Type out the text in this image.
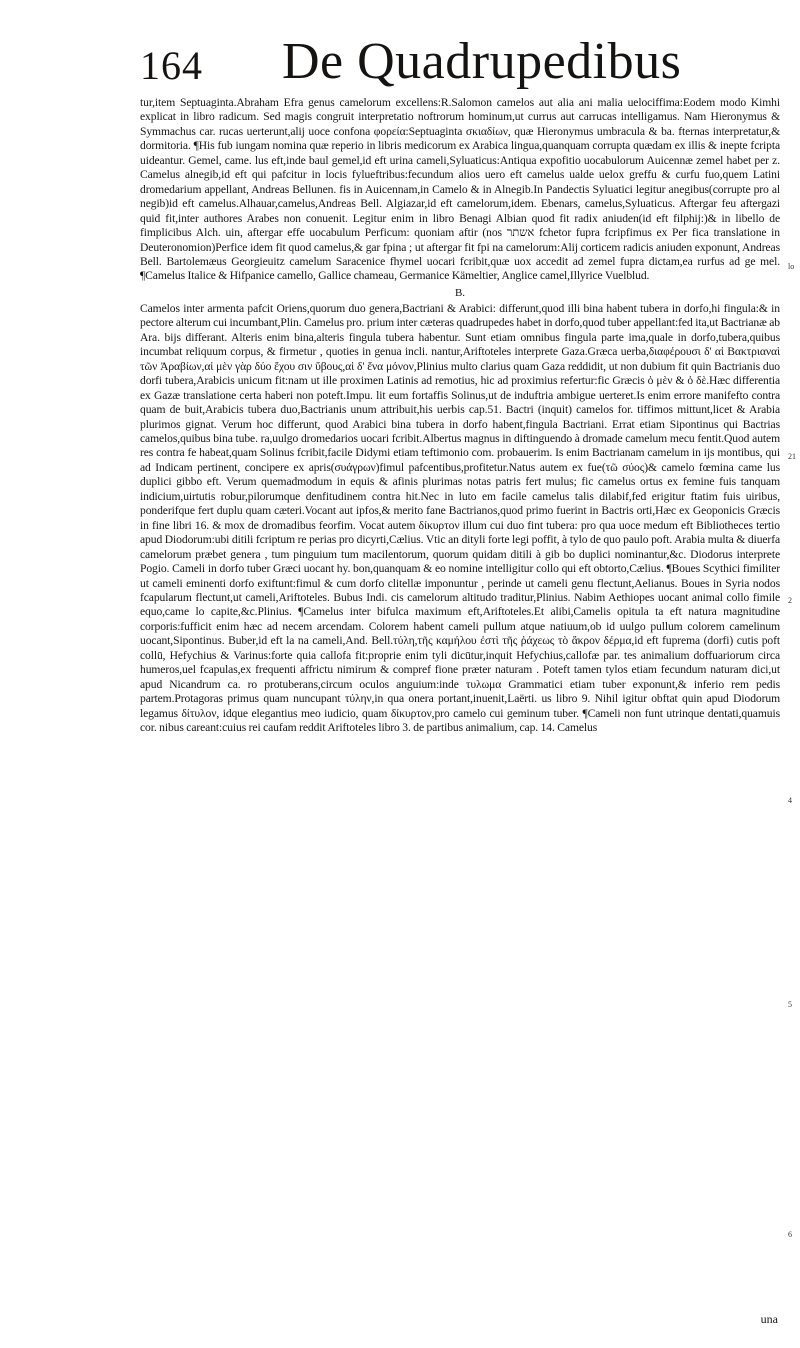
164 De Quadrupedibus

tur,item Septuaginta.Abraham Efra genus camelorum excellens:R.Salomon camelos aut alia ani malia uelociffima:Eodem modo Kimhi explicat in libro radicum. Sed magis congruit interpretatio noftrorum hominum,ut currus aut carrucas intelligamus. Nam Hieronymus & Symmachus car. rucas uerterunt,alij uoce confona φορεία:Septuaginta σκιαδίων, quæ Hieronymus umbracula & ba. fternas interpretatur,& dormitoria. ¶His fub iungam nomina quæ reperio in libris medicorum ex Arabica lingua,quanquam corrupta quædam ex illis & inepte fcripta uideantur. Gemel, came. lus eft,inde baul gemel,id eft urina cameli,Syluaticus:Antiqua expofitio uocabulorum Auicennæ zemel habet per z. Camelus alnegib,id eft qui pafcitur in locis fylueftribus:fecundum alios uero eft camelus ualde uelox greffu & curfu fuo,quem Latini dromedarium appellant, Andreas Bellunen. fis in Auicennam,in Camelo & in Alnegib.In Pandectis Syluatici legitur anegibus(corrupte pro al negib)id eft camelus.Alhauar,camelus,Andreas Bell. Algiazar,id eft camelorum,idem. Ebenars, camelus,Syluaticus. Aftergar feu aftergazi quid fit,inter authores Arabes non conuenit. Legitur enim in libro Benagi Albian quod fit radix aniuden(id eft filphij:)& in libello de fimplicibus Alch. uin, aftergar effe uocabulum Perficum: quoniam aftir (nos אשתר fchetor fupra fcripfimus ex Per fica translatione in Deuteronomion)Perfice idem fit quod camelus,& gar fpina ; ut aftergar fit fpi na camelorum:Alij corticem radicis aniuden exponunt, Andreas Bell. Bartolemæus Georgieuitz camelum Saracenice fhymel uocari fcribit,quæ uox accedit ad zemel fupra dictam,ea rurfus ad ge mel. ¶Camelus Italice & Hifpanice camello, Gallice chameau, Germanice Kämeltier, Anglice camel,Illyrice Vuelblud.

B.

Camelos inter armenta pafcit Oriens,quorum duo genera,Bactriani & Arabici: differunt,quod illi bina habent tubera in dorfo,hi fingula:& in pectore alterum cui incumbant,Plin. Camelus pro. prium inter cæteras quadrupedes habet in dorfo,quod tuber appellant:fed ita,ut Bactrianæ ab Ara. bijs differant. Alteris enim bina,alteris fingula tubera habentur. Sunt etiam omnibus fingula parte ima,quale in dorfo,tubera,quibus incumbat reliquum corpus, & firmetur , quoties in genua incli. nantur,Ariftoteles interprete Gaza.Græca uerba,διαφέρουσι δ' αἱ Βακτριαναὶ τῶν Ἀραβίων,αἱ μὲν γὰρ δύο ἔχου σιν ὕβους,αἱ δ' ἕνα μόνον,Plinius multo clarius quam Gaza reddidit, ut non dubium fit quin Bactrianis duo dorfi tubera,Arabicis unicum fit:nam ut ille proximen Latinis ad remotius, hic ad proximius refertur:fic Græcis ὁ μὲν & ὁ δὲ.Hæc differentia ex Gazæ translatione certa haberi non poteft.Impu. lit eum fortaffis Solinus,ut de induftria ambigue uerteret.Is enim errore manifefto contra quam de buit,Arabicis tubera duo,Bactrianis unum attribuit,his uerbis cap.51. Bactri (inquit) camelos for. tiffimos mittunt,licet & Arabia plurimos gignat. Verum hoc differunt, quod Arabici bina tubera in dorfo habent,fingula Bactriani. Errat etiam Sipontinus qui Bactrias camelos,quibus bina tube. ra,uulgo dromedarios uocari fcribit.Albertus magnus in diftinguendo à dromade camelum mecu fentit.Quod autem res contra fe habeat,quam Solinus fcribit,facile Didymi etiam teftimonio com. probauerim. Is enim Bactrianam camelum in ijs montibus, qui ad Indicam pertinent, concipere ex apris(συάγρων)fimul pafcentibus,profitetur.Natus autem ex fue(τῶ σύος)& camelo fœmina came lus duplici gibbo eft. Verum quemadmodum in equis & afinis plurimas notas patris fert mulus; fic camelus ortus ex femine fuis tanquam indicium,uirtutis robur,pilorumque denfitudinem contra hit.Nec in luto em facile camelus talis dilabif,fed erigitur ftatim fuis uiribus, ponderifque fert duplu quam cæteri.Vocant aut ipfos,& merito fane Bactrianos,quod primo fuerint in Bactris orti,Hæc ex Geoponicis Græcis in fine libri 16. & mox de dromadibus feorfim. Vocat autem δίκυρτον illum cui duo fint tubera: pro qua uoce medum eft Bibliotheces tertio apud Diodorum:ubi ditili fcriptum re perias pro dicyrti,Cælius. Vtic an dityli forte legi poffit, à tylo de quo paulo poft. Arabia multa & diuerfa camelorum præbet genera , tum pinguium tum macilentorum, quorum quidam ditili à gib bo duplici nominantur,&c. Diodorus interprete Pogio. Cameli in dorfo tuber Græci uocant hy. bon,quanquam & eo nomine intelligitur collo qui eft obtorto,Cælius. ¶Boues Scythici fimiliter ut cameli eminenti dorfo exiftunt:fimul & cum dorfo clitellæ imponuntur , perinde ut cameli genu flectunt,Aelianus. Boues in Syria nodos fcapularum flectunt,ut cameli,Ariftoteles. Bubus Indi. cis camelorum altitudo traditur,Plinius. Nabim Aethiopes uocant animal collo fimile equo,came lo capite,&c.Plinius. ¶Camelus inter bifulca maximum eft,Ariftoteles.Et alibi,Camelis opitula ta eft natura magnitudine corporis:fufficit enim hæc ad necem arcendam. Colorem habent cameli pullum atque natiuum,ob id uulgo pullum colorem camelinum uocant,Sipontinus. Buber,id eft la na cameli,And. Bell.τύλη,τῆς καμήλου ἐστὶ τῆς ῥάχεως τὸ ἄκρον δέρμα,id eft fuprema (dorfi) cutis poft collū, Hefychius & Varinus:forte quia callofa fit:proprie enim tyli dicūtur,inquit Hefychius,callofæ par. tes animalium doffuariorum circa humeros,uel fcapulas,ex frequenti affrictu nimirum & compref fione præter naturam . Poteft tamen tylos etiam fecundum naturam dici,ut apud Nicandrum ca. ro protuberans,circum oculos anguium:inde τυλωμα Grammatici etiam tuber exponunt,& inferio rem pedis partem.Protagoras primus quam nuncupant τύλην,in qua onera portant,inuenit,Laërti. us libro 9. Nihil igitur obftat quin apud Diodorum legamus δίτυλον, idque elegantius meo iudicio, quam δίκυρτον,pro camelo cui geminum tuber. ¶Cameli non funt utrinque dentati,quamuis cor. nibus careant:cuius rei caufam reddit Ariftoteles libro 3. de partibus animalium, cap. 14. Camelus

lo
21
2
4
5
6
una
